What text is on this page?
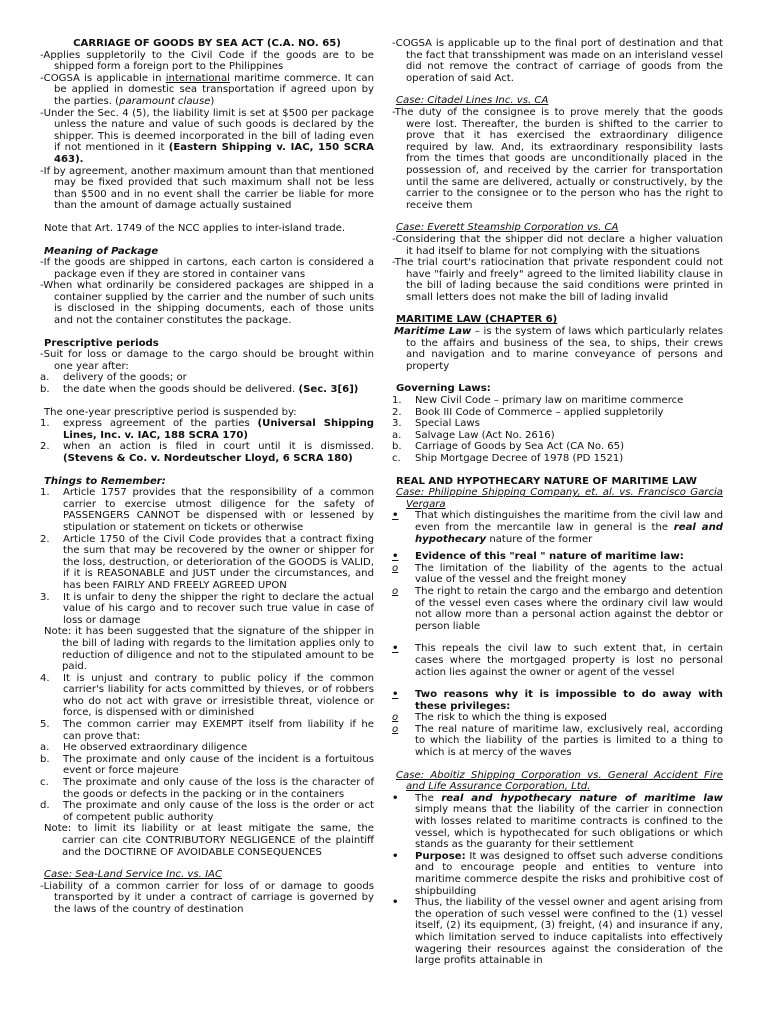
CARRIAGE OF GOODS BY SEA ACT (C.A. NO. 65)

-Applies suppletorily to the Civil Code if the goods are to be shipped form a foreign port to the Philippines

-COGSA is applicable in international maritime commerce. It can be applied in domestic sea transportation if agreed upon by the parties. (paramount clause)

-Under the Sec. 4 (5), the liability limit is set at $500 per package unless the nature and value of such goods is declared by the shipper. This is deemed incorporated in the bill of lading even if not mentioned in it (Eastern Shipping v. IAC, 150 SCRA 463).

-If by agreement, another maximum amount than that mentioned may be fixed provided that such maximum shall not be less than $500 and in no event shall the carrier be liable for more than the amount of damage actually sustained

Note that Art. 1749 of the NCC applies to inter-island trade.

Meaning of Package

-If the goods are shipped in cartons, each carton is considered a package even if they are stored in container vans

-When what ordinarily be considered packages are shipped in a container supplied by the carrier and the number of such units is disclosed in the shipping documents, each of those units and not the container constitutes the package.

Prescriptive periods

-Suit for loss or damage to the cargo should be brought within one year after:

a.	delivery of the goods; or
b.	the date when the goods should be delivered. (Sec. 3[6])

The one-year prescriptive period is suspended by:

1.	express agreement of the parties (Universal Shipping Lines, Inc. v. IAC, 188 SCRA 170)
2.	when an action is filed in court until it is dismissed. (Stevens & Co. v. Nordeutscher Lloyd, 6 SCRA 180)

Things to Remember:

1.	Article 1757 provides that the responsibility of a common carrier to exercise utmost diligence for the safety of PASSENGERS CANNOT be dispensed with or lessened by stipulation or statement on tickets or otherwise
2.	Article 1750 of the Civil Code provides that a contract fixing the sum that may be recovered by the owner or shipper for the loss, destruction, or deterioration of the GOODS is VALID, if it is REASONABLE and JUST under the circumstances, and has been FAIRLY AND FREELY AGREED UPON
3.	It is unfair to deny the shipper the right to declare the actual value of his cargo and to recover such true value in case of loss or damage

Note: it has been suggested that the signature of the shipper in the bill of lading with regards to the limitation applies only to reduction of diligence and not to the stipulated amount to be paid.

4.	It is unjust and contrary to public policy if the common carrier's liability for acts committed by thieves, or of robbers who do not act with grave or irresistible threat, violence or force, is dispensed with or diminished
5.	The common carrier may EXEMPT itself from liability if he can prove that:
a.	He observed extraordinary diligence
b.	The proximate and only cause of the incident is a fortuitous event or force majeure
c.	The proximate and only cause of the loss is the character of the goods or defects in the packing or in the containers
d.	The proximate and only cause of the loss is the order or act of competent public authority

Note: to limit its liability or at least mitigate the same, the carrier can cite CONTRIBUTORY NEGLIGENCE of the plaintiff and the DOCTIRNE OF AVOIDABLE CONSEQUENCES

Case: Sea-Land Service Inc. vs. IAC

-Liability of a common carrier for loss of or damage to goods transported by it under a contract of carriage is governed by the laws of the country of destination

-COGSA is applicable up to the final port of destination and that the fact that transshipment was made on an interisland vessel did not remove the contract of carriage of goods from the operation of said Act.

Case: Citadel Lines Inc. vs. CA

-The duty of the consignee is to prove merely that the goods were lost. Thereafter, the burden is shifted to the carrier to prove that it has exercised the extraordinary diligence required by law. And, its extraordinary responsibility lasts from the times that goods are unconditionally placed in the possession of, and received by the carrier for transportation until the same are delivered, actually or constructively, by the carrier to the consignee or to the person who has the right to receive them

Case: Everett Steamship Corporation vs. CA

-Considering that the shipper did not declare a higher valuation it had itself to blame for not complying with the situations

-The trial court's ratiocination that private respondent could not have "fairly and freely" agreed to the limited liability clause in the bill of lading because the said conditions were printed in small letters does not make the bill of lading invalid

MARITIME LAW (CHAPTER 6)

Maritime Law – is the system of laws which particularly relates to the affairs and business of the sea, to ships, their crews and navigation and to marine conveyance of persons and property

Governing Laws:

1.	New Civil Code – primary law on maritime commerce
2.	Book III Code of Commerce – applied suppletorily
3.	Special Laws
a.	Salvage Law (Act No. 2616)
b.	Carriage of Goods by Sea Act (CA No. 65)
c.	Ship Mortgage Decree of 1978 (PD 1521)

REAL AND HYPOTHECARY NATURE OF MARITIME LAW

Case: Philippine Shipping Company, et. al. vs. Francisco Garcia Vergara

•	That which distinguishes the maritime from the civil law and even from the mercantile law in general is the real and hypothecary nature of the former
•	Evidence of this "real " nature of maritime law:
o	The limitation of the liability of the agents to the actual value of the vessel and the freight money
o	The right to retain the cargo and the embargo and detention of the vessel even cases where the ordinary civil law would not allow more than a personal action against the debtor or person liable
•	This repeals the civil law to such extent that, in certain cases where the mortgaged property is lost no personal action lies against the owner or agent of the vessel
•	Two reasons why it is impossible to do away with these privileges:
o	The risk to which the thing is exposed
o	The real nature of maritime law, exclusively real, according to which the liability of the parties is limited to a thing to which is at mercy of the waves

Case: Aboitiz Shipping Corporation vs. General Accident Fire and Life Assurance Corporation, Ltd.

•	The real and hypothecary nature of maritime law simply means that the liability of the carrier in connection with losses related to maritime contracts is confined to the vessel, which is hypothecated for such obligations or which stands as the guaranty for their settlement
•	Purpose: It was designed to offset such adverse conditions and to encourage people and entities to venture into maritime commerce despite the risks and prohibitive cost of shipbuilding
•	Thus, the liability of the vessel owner and agent arising from the operation of such vessel were confined to the (1) vessel itself, (2) its equipment, (3) freight, (4) and insurance if any, which limitation served to induce capitalists into effectively wagering their resources against the consideration of the large profits attainable in
